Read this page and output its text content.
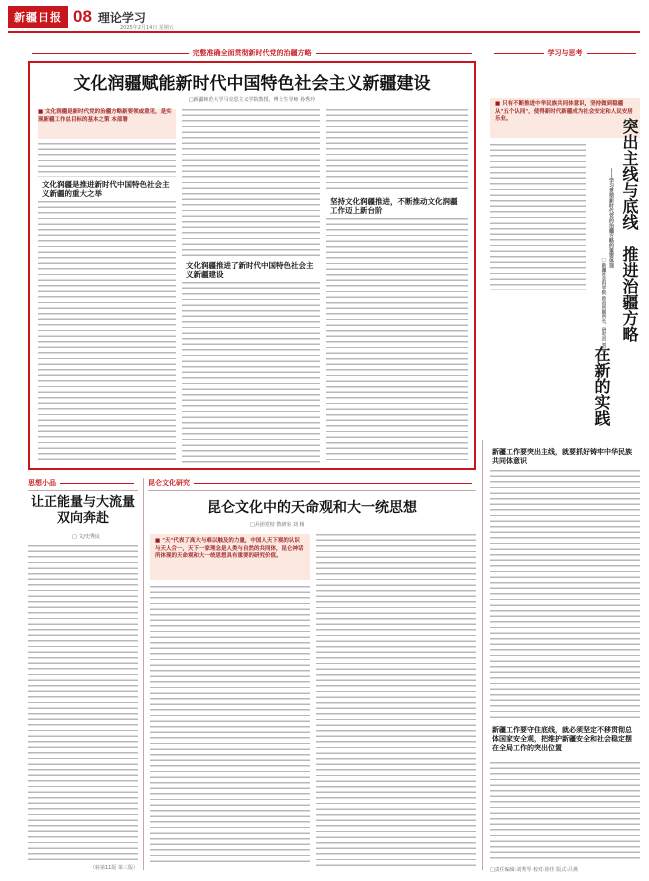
新疆日报 08 理论学习
2025年2月14日 星期五
完整准确全面贯彻新时代党的治疆方略	学习与思考
文化润疆赋能新时代中国特色社会主义新疆建设
□新疆师范大学马克思主义学院教授、博士生导师 孙秀玲

■ 文化润疆是新时代党的治疆方略新要领或意见，是实现新疆工作总目标的基本之策 本部署

文化润疆是推进新时代中国特色社会主义新疆的重大之举
文化润疆推进了新时代中国特色社会主义新疆建设
坚持文化润疆推进，不断推动文化润疆工作迈上新台阶

■ 只有不断推进中华民族共同体意识，坚持做到稳疆从"五个认同"，使得新时代新疆成为社会安定和人民安居乐业。	突出主线与底线
推进治疆方略
——学习贯彻新时代党的治疆方略的重要体现
在新的实践
□新疆社会科学院 政治所副所长、研究员 刘云
新疆工作要突出主线，就要抓好铸牢中华民族共同体意识
新疆工作要守住底线，就必须坚定不移贯彻总体国家安全观，把维护新疆安全和社会稳定摆在全局工作的突出位置
□责任编辑:刘秀琴 校对:徐佳 版式:吕燕
思想小品
让正能量与大流量
双向奔赴
□ 文/史秀民
（转第11版 第三版）
昆仑文化研究
昆仑文化中的天命观和大一统思想
□兵团党校 教研室 刘 杨

■ "天"代表了高大与难以触及的力量，中国人天下观的认识与天人合一，天下一家理念是人类与自然的共同体，昆仑神话所体现的天命观和大一统思想具有重要的研究价值。
